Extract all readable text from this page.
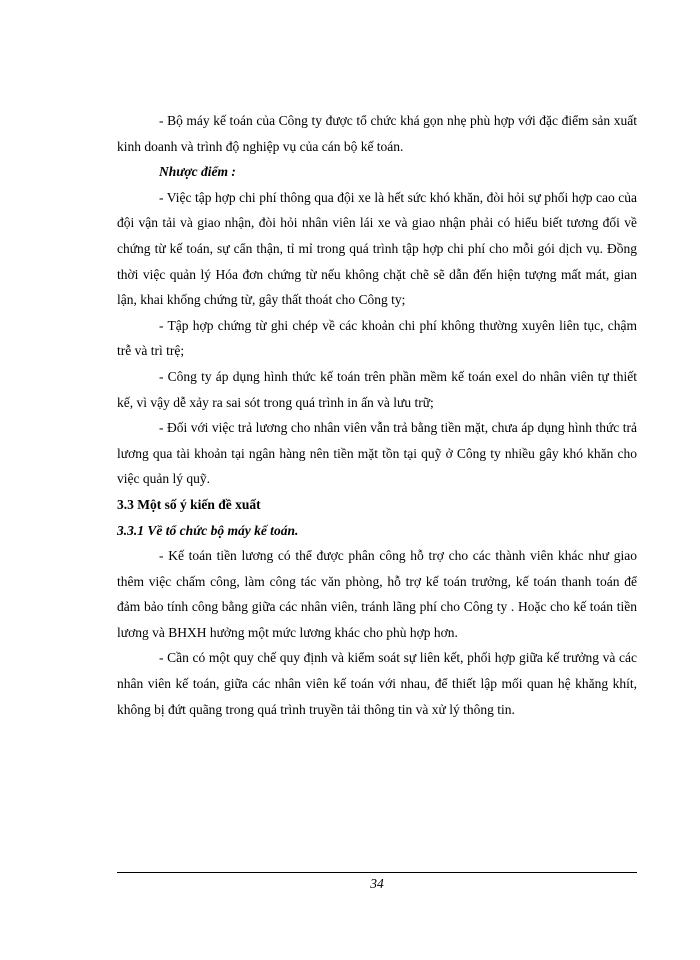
- Bộ máy kế toán của Công ty được tổ chức khá gọn nhẹ phù hợp với đặc điểm sản xuất kinh doanh và trình độ nghiệp vụ của cán bộ kế toán.

Nhược điểm :

- Việc tập hợp chi phí thông qua đội xe là hết sức khó khăn, đòi hỏi sự phối hợp cao của đội vận tải và giao nhận, đòi hỏi nhân viên lái xe và giao nhận phải có hiểu biết tương đối về chứng từ kế toán, sự cẩn thận, tỉ mỉ trong quá trình tập hợp chi phí cho mỗi gói dịch vụ. Đồng thời việc quản lý Hóa đơn chứng từ nếu không chặt chẽ sẽ dẫn đến hiện tượng mất mát, gian lận, khai khống chứng từ, gây thất thoát cho Công ty;

- Tập hợp chứng từ ghi chép về các khoản chi phí không thường xuyên liên tục, chậm trễ và trì trệ;

- Công ty áp dụng hình thức kế toán trên phần mềm kế toán exel do nhân viên tự thiết kế, vì vậy dễ xảy ra sai sót trong quá trình in ấn và lưu trữ;

- Đối với việc trả lương cho nhân viên vẫn trả bằng tiền mặt, chưa áp dụng hình thức trả lương qua tài khoản tại ngân hàng nên tiền mặt tồn tại quỹ ở Công ty nhiều gây khó khăn cho việc quản lý quỹ.

3.3 Một số ý kiến đề xuất

3.3.1 Về tổ chức bộ máy kế toán.

- Kế toán tiền lương có thể được phân công hỗ trợ cho các thành viên khác như giao thêm việc chấm công, làm công tác văn phòng, hỗ trợ kế toán trưởng, kế toán thanh toán để đảm bảo tính công bằng giữa các nhân viên, tránh lãng phí cho Công ty . Hoặc cho kế toán tiền lương và BHXH hưởng một mức lương khác cho phù hợp hơn.

- Cần có một quy chế quy định và kiểm soát sự liên kết, phối hợp giữa kế trưởng và các nhân viên kế toán, giữa các nhân viên kế toán với nhau, để thiết lập mối quan hệ khăng khít, không bị đứt quãng trong quá trình truyền tải thông tin và xử lý thông tin.

34
